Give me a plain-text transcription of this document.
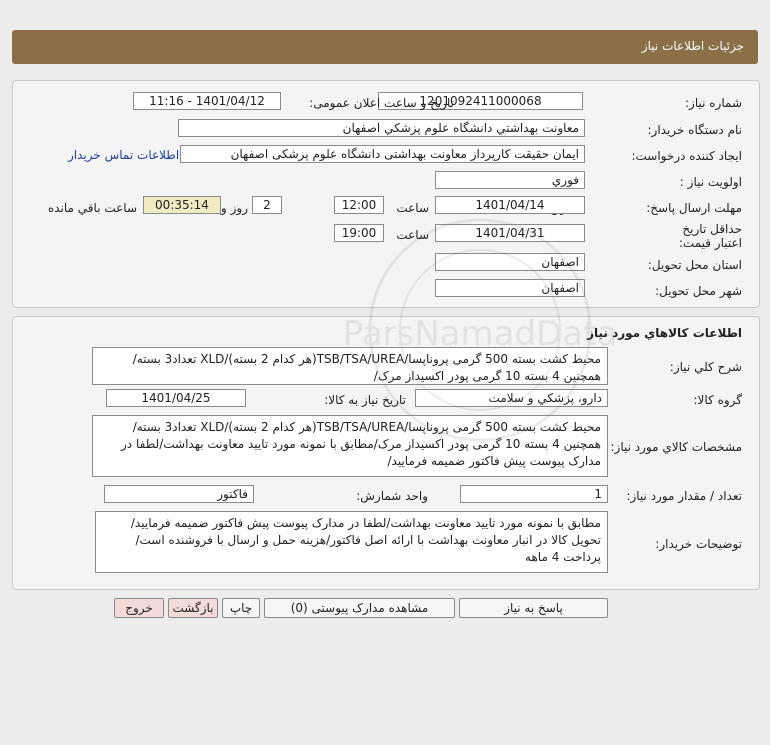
جزئیات اطلاعات نیاز
شماره نیاز:
1201092411000068
تاریخ و ساعت اعلان عمومی:
1401/04/12 - 11:16
نام دستگاه خریدار:
معاونت بهداشتي دانشگاه علوم پزشكي اصفهان
ایجاد کننده درخواست:
ایمان حقیقت کارپرداز معاونت بهداشتی دانشگاه علوم پزشکی اصفهان
اطلاعات تماس خریدار
اولویت نیاز :
فوري
مهلت ارسال پاسخ:
1401/04/14
ساعت
12:00
2
روز و
00:35:14
ساعت باقي مانده
حداقل تاریخ اعتبار قیمت:
1401/04/31
ساعت
19:00
استان محل تحویل:
اصفهان
شهر محل تحویل:
اصفهان
اطلاعات کالاهاي مورد نياز
شرح کلي نياز:
محیط کشت بسته 500 گرمی پروناپسا/TSB/TSA/UREA(هر کدام 2 بسته)/XLD تعداد3 بسته/همچنین 4 بسته 10 گرمی پودر اکسیداز مرک/
گروه کالا:
دارو، پزشكي و سلامت
تاریخ نیاز به کالا:
1401/04/25
مشخصات کالاي مورد نياز:
محیط کشت بسته 500 گرمی پروناپسا/TSB/TSA/UREA(هر کدام 2 بسته)/XLD تعداد3 بسته/همچنین 4 بسته 10 گرمی پودر اکسیداز مرک/مطابق با نمونه مورد تایید معاونت بهداشت/لطفا در مدارک پیوست پیش فاکتور ضمیمه فرمایید/
تعداد / مقدار مورد نیاز:
1
واحد شمارش:
فاکتور
توضیحات خریدار:
مطابق با نمونه مورد تایید معاونت بهداشت/لطفا در مدارک پیوست پیش فاکتور ضمیمه فرمایید/تحویل کالا در انبار معاونت بهداشت با ارائه اصل فاکتور/هزینه حمل و ارسال با فروشنده است/پرداخت 4 ماهه
پاسخ به نیاز
مشاهده مدارک پیوستی (0)
چاپ
بازگشت
خروج
